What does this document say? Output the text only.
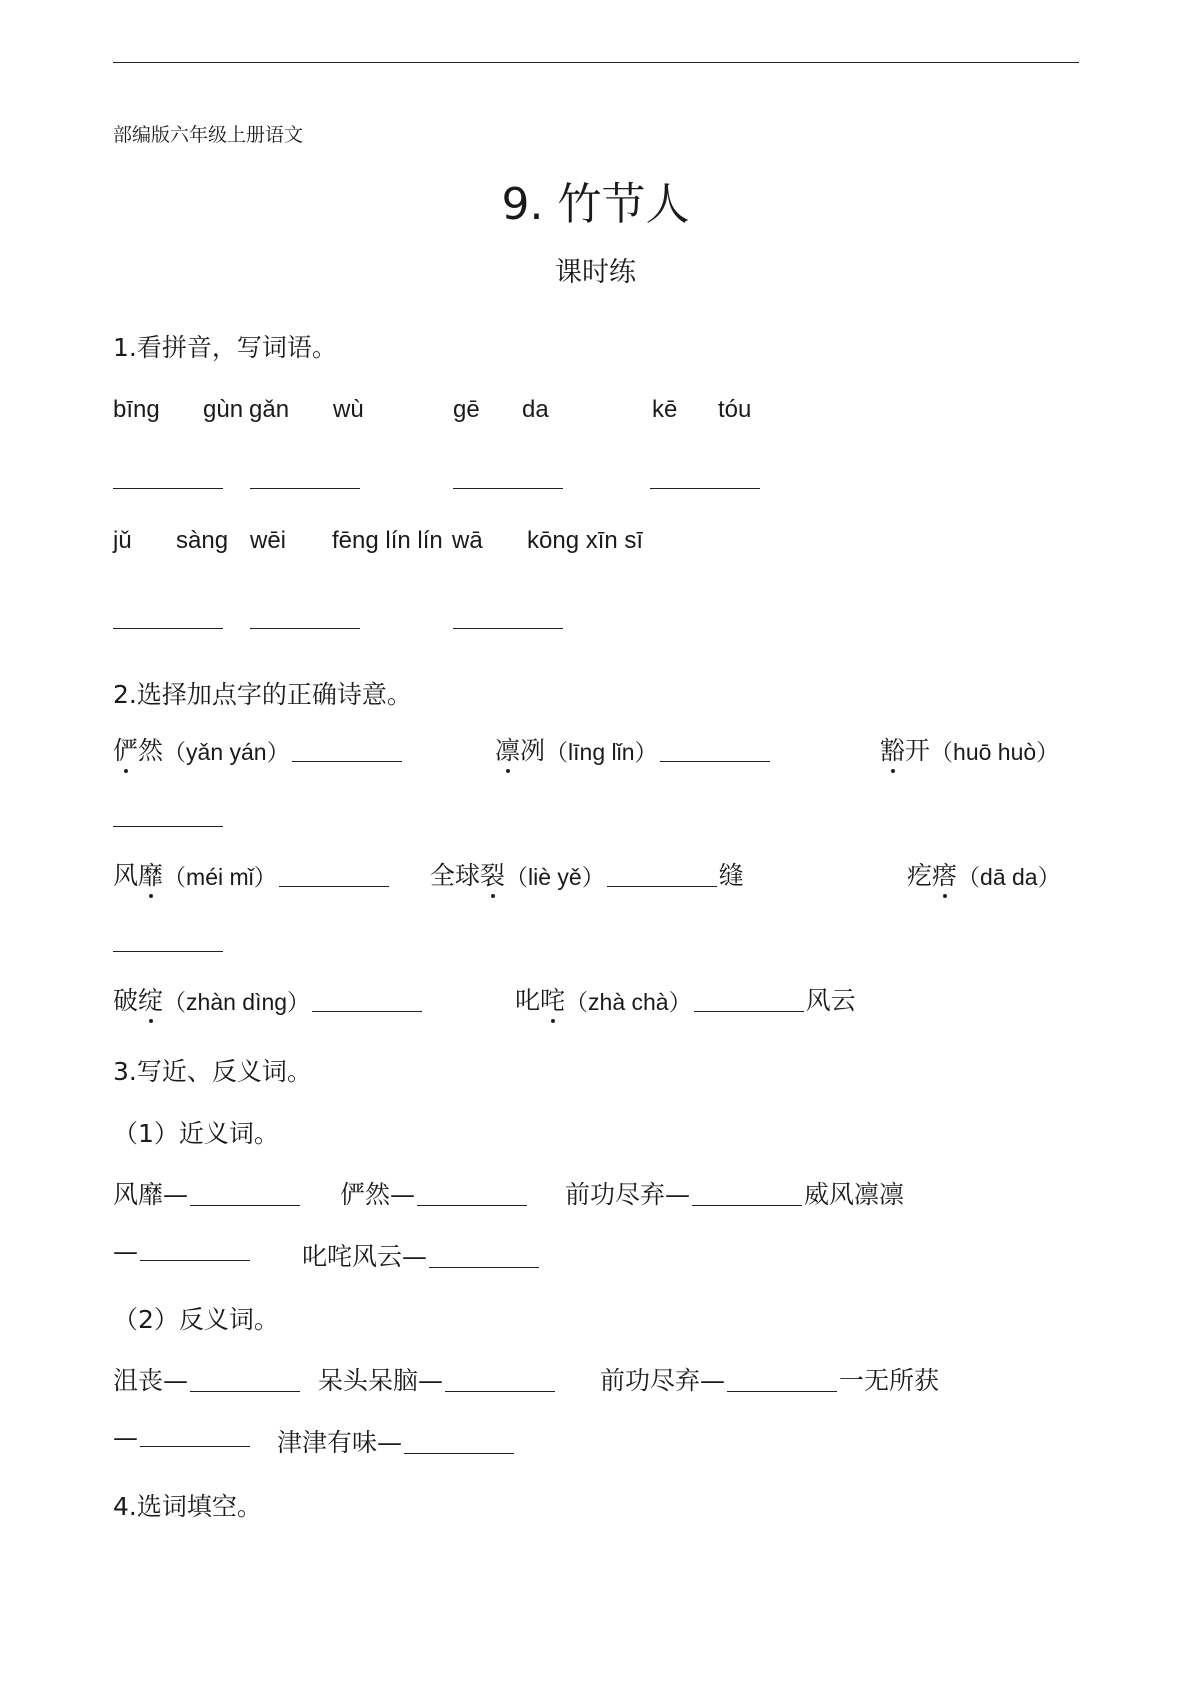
部编版六年级上册语文
9. 竹节人
课时练
1.看拼音，写词语。
bīng gùn gǎn wù	gē da	kē tóu
jǔ sàng wēi fēng lín lín wā kōng xīn sī
2.选择加点字的正确诗意。
俨 然 （yǎn yán）	凛 冽 （līng lǐn）	豁 开 （huō huò）
风 靡 （méi mǐ）	全球 裂 （liè yě）	缝	疙 瘩 （dā da）
破 绽 （zhàn dìng）	叱 咤 （zhà chà）	风云
3.写近、反义词。
（1）近义词。
风靡—	俨然—	前功尽弃—	威风凛凛
—	叱咤风云—
（2）反义词。
沮丧—	呆头呆脑—	前功尽弃—	一无所获
—	津津有味—
4.选词填空。
